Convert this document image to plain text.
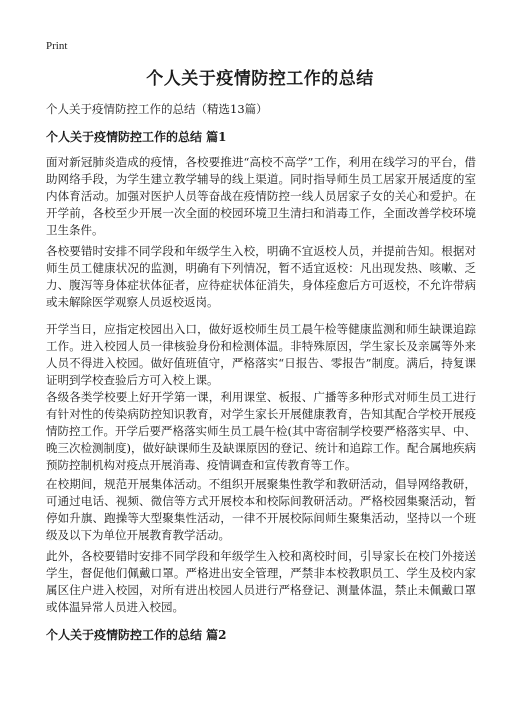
Print
个人关于疫情防控工作的总结

个人关于疫情防控工作的总结（精选13篇）

个人关于疫情防控工作的总结 篇1

面对新冠肺炎造成的疫情，各校要推进“高校不高学”工作，利用在线学习的平台，借助网络手段，为学生建立教学辅导的线上渠道。同时指导师生员工居家开展适度的室内体育活动。加强对医护人员等奋战在疫情防控一线人员居家子女的关心和爱护。在开学前，各校至少开展一次全面的校园环境卫生清扫和消毒工作，全面改善学校环境卫生条件。

各校要错时安排不同学段和年级学生入校，明确不宜返校人员，并提前告知。根据对师生员工健康状况的监测，明确有下列情况，暂不适宜返校：凡出现发热、咳嗽、乏力、腹泻等身体症状体征者，应待症状体征消失，身体痊愈后方可返校，不允许带病或未解除医学观察人员返校返岗。

开学当日，应指定校园出入口，做好返校师生员工晨午检等健康监测和师生缺课追踪工作。进入校园人员一律核验身份和检测体温。非特殊原因，学生家长及亲属等外来人员不得进入校园。做好值班值守，严格落实“日报告、零报告”制度。满后，持复课证明到学校查验后方可入校上课。

各级各类学校要上好开学第一课，利用课堂、板报、广播等多种形式对师生员工进行有针对性的传染病防控知识教育，对学生家长开展健康教育，告知其配合学校开展疫情防控工作。开学后要严格落实师生员工晨午检(其中寄宿制学校要严格落实早、中、晚三次检测制度)，做好缺课师生及缺课原因的登记、统计和追踪工作。配合属地疾病预防控制机构对疫点开展消毒、疫情调查和宣传教育等工作。

在校期间，规范开展集体活动。不组织开展聚集性教学和教研活动，倡导网络教研，可通过电话、视频、微信等方式开展校本和校际间教研活动。严格校园集聚活动，暂停如升旗、跑操等大型聚集性活动，一律不开展校际间师生聚集活动，坚持以一个班级及以下为单位开展教育教学活动。

此外，各校要错时安排不同学段和年级学生入校和离校时间，引导家长在校门外接送学生，督促他们佩戴口罩。严格进出安全管理，严禁非本校教职员工、学生及校内家属区住户进入校园，对所有进出校园人员进行严格登记、测量体温，禁止未佩戴口罩或体温异常人员进入校园。

个人关于疫情防控工作的总结 篇2
